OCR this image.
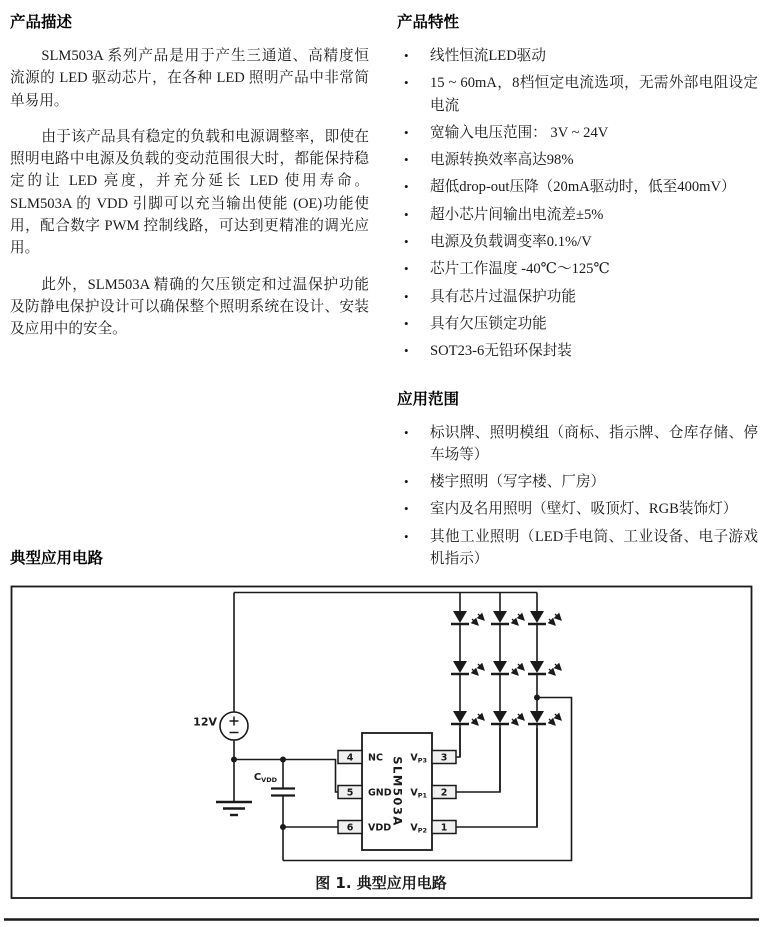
产品描述

SLM503A 系列产品是用于产生三通道、高精度恒流源的 LED 驱动芯片，在各种 LED 照明产品中非常简单易用。

由于该产品具有稳定的负载和电源调整率，即使在照明电路中电源及负载的变动范围很大时，都能保持稳定的让 LED 亮度，并充分延长 LED 使用寿命。SLM503A 的 VDD 引脚可以充当输出使能 (OE)功能使用，配合数字 PWM 控制线路，可达到更精准的调光应用。

此外，SLM503A 精确的欠压锁定和过温保护功能及防静电保护设计可以确保整个照明系统在设计、安装及应用中的安全。

产品特性
•	线性恒流LED驱动
•	15 ~ 60mA，8档恒定电流选项，无需外部电阻设定电流
•	宽输入电压范围： 3V ~ 24V
•	电源转换效率高达98%
•	超低drop-out压降（20mA驱动时，低至400mV）
•	超小芯片间输出电流差±5%
•	电源及负载调变率0.1%/V
•	芯片工作温度 -40℃～125℃
•	具有芯片过温保护功能
•	具有欠压锁定功能
•	SOT23-6无铅环保封装
应用范围
•	标识牌、照明模组（商标、指示牌、仓库存储、停车场等）
•	楼宇照明（写字楼、厂房）
•	室内及名用照明（壁灯、吸顶灯、RGB装饰灯）
•	其他工业照明（LED手电筒、工业设备、电子游戏机指示）
典型应用电路
12V
$C_{VDD}$	SLM503A
4
5
6
3
2
1
NC
GND
VDD
$V_{P3}$
$V_{P1}$
$V_{P2}$
图 1. 典型应用电路
